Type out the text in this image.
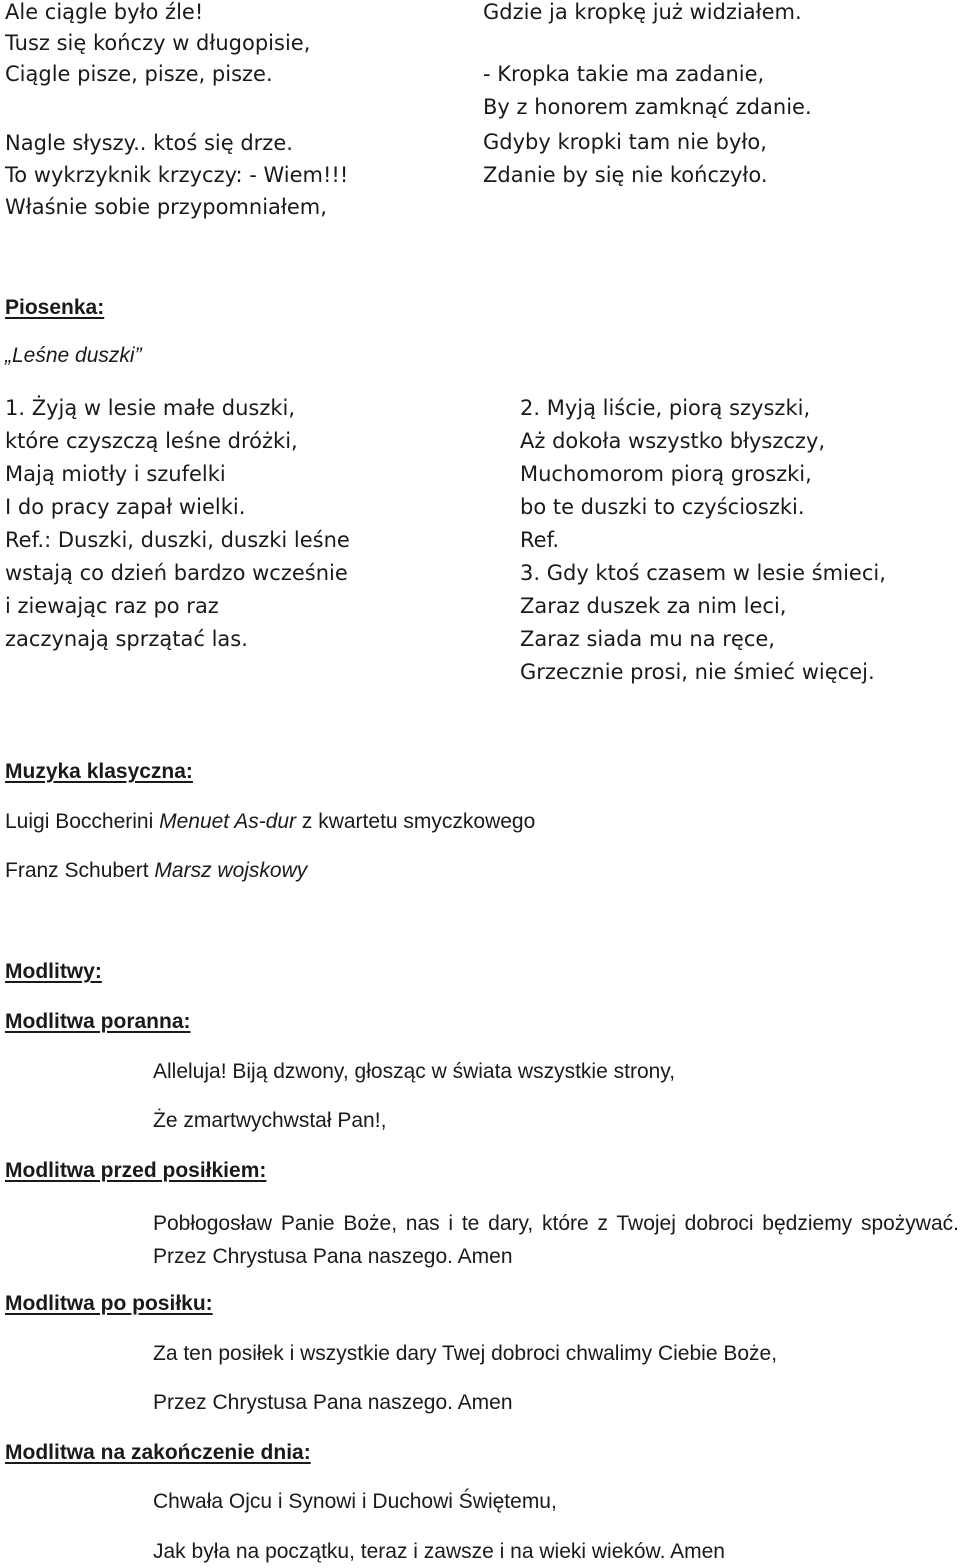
Ale ciągle było źle!
Tusz się kończy w długopisie,
Ciągle pisze, pisze, pisze.
Nagle słyszy.. ktoś się drze.
To wykrzyknik krzyczy: - Wiem!!!
Właśnie sobie przypomniałem,
Gdzie ja kropkę już widziałem.
- Kropka takie ma zadanie,
By z honorem zamknąć zdanie.
Gdyby kropki tam nie było,
Zdanie by się nie kończyło.
Piosenka:
„Leśne duszki”
1. Żyją w lesie małe duszki,
które czyszczą leśne dróżki,
Mają miotły i szufelki
I do pracy zapał wielki.
Ref.: Duszki, duszki, duszki leśne
wstają co dzień bardzo wcześnie
i ziewając raz po raz
zaczynają sprzątać las.
2. Myją liście, piorą szyszki,
Aż dokoła wszystko błyszczy,
Muchomorom piorą groszki,
bo te duszki to czyścioszki.
Ref.
3. Gdy ktoś czasem w lesie śmieci,
Zaraz duszek za nim leci,
Zaraz siada mu na ręce,
Grzecznie prosi, nie śmieć więcej.
Muzyka klasyczna:
Luigi Boccherini Menuet As-dur z kwartetu smyczkowego
Franz Schubert Marsz wojskowy
Modlitwy:
Modlitwa poranna:
Alleluja! Biją dzwony, głosząc w świata wszystkie strony,
Że zmartwychwstał Pan!,
Modlitwa przed posiłkiem:
Pobłogosław Panie Boże, nas i te dary, które z Twojej dobroci będziemy spożywać. Przez Chrystusa Pana naszego. Amen
Modlitwa po posiłku:
Za ten posiłek i wszystkie dary Twej dobroci chwalimy Ciebie Boże,
Przez Chrystusa Pana naszego. Amen
Modlitwa na zakończenie dnia:
Chwała Ojcu i Synowi i Duchowi Świętemu,
Jak była na początku, teraz i zawsze i na wieki wieków. Amen
